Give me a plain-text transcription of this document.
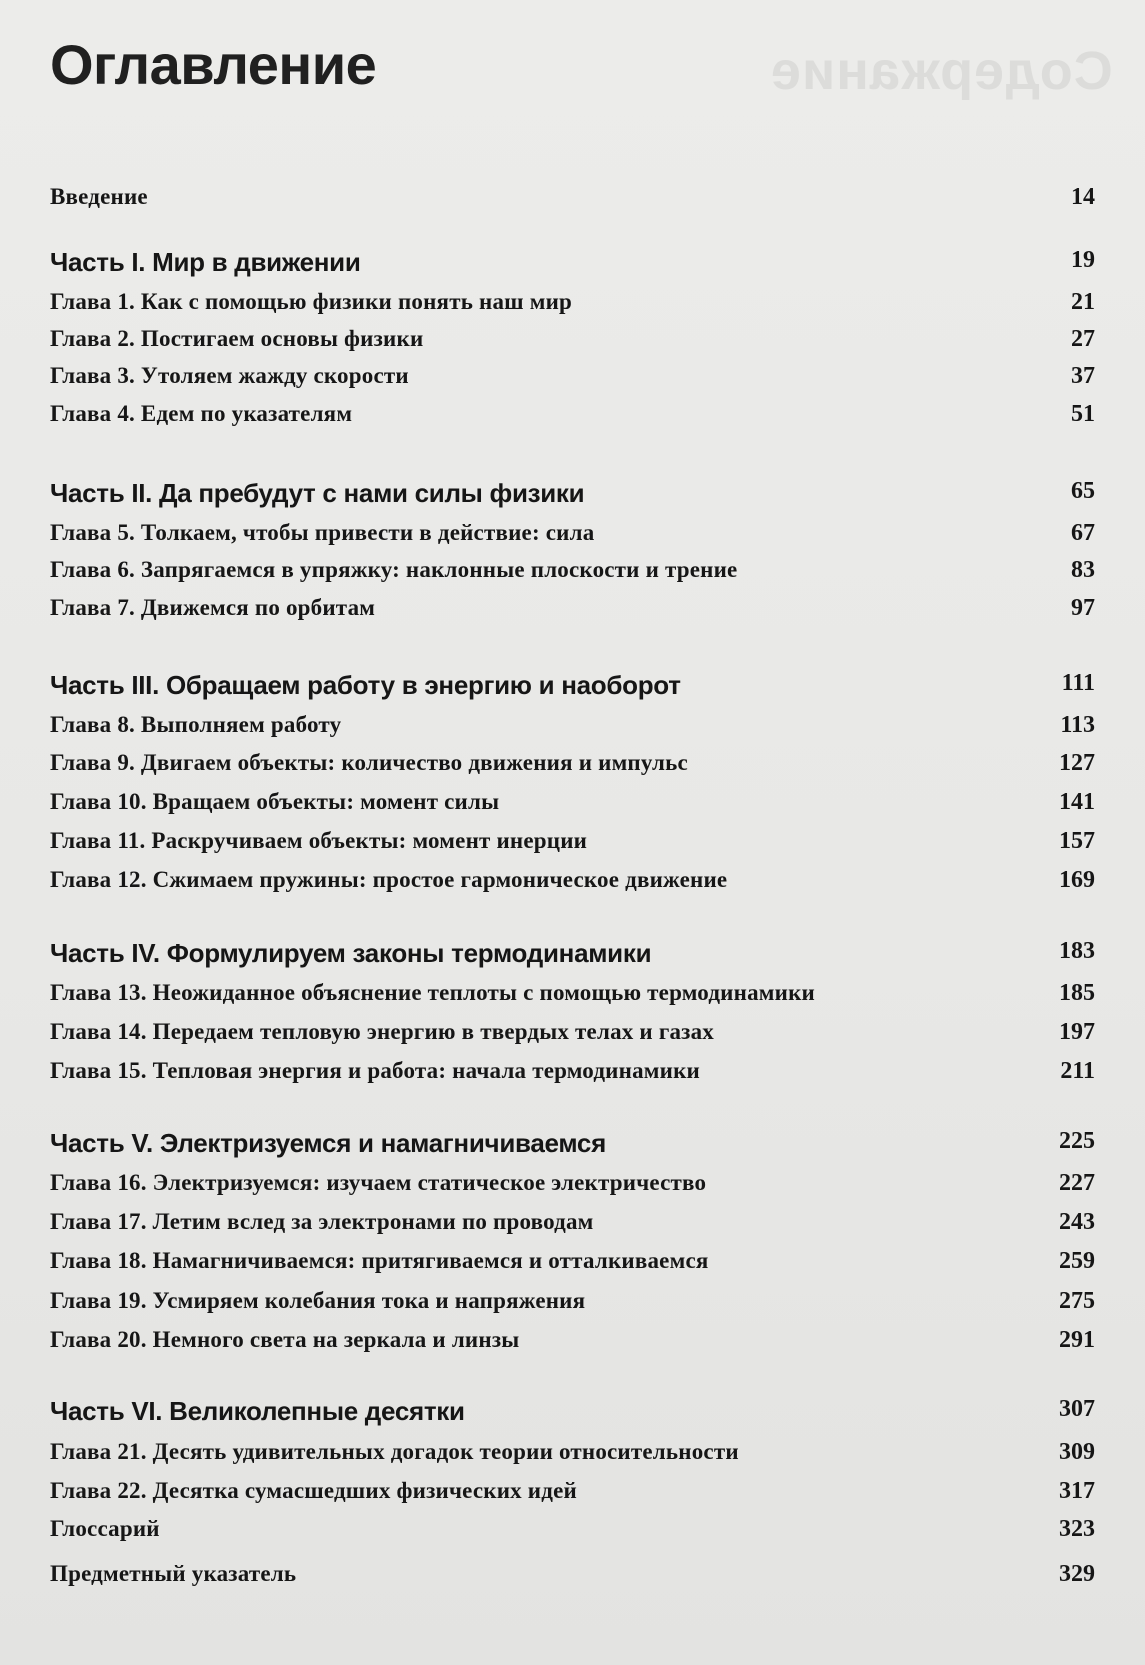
Содержание
Оглавление
Введение	14
Часть I. Мир в движении	19
Глава 1. Как с помощью физики понять наш мир	21
Глава 2. Постигаем основы физики	27
Глава 3. Утоляем жажду скорости	37
Глава 4. Едем по указателям	51
Часть II. Да пребудут с нами силы физики	65
Глава 5. Толкаем, чтобы привести в действие: сила	67
Глава 6. Запрягаемся в упряжку: наклонные плоскости и трение	83
Глава 7. Движемся по орбитам	97
Часть III. Обращаем работу в энергию и наоборот	111
Глава 8. Выполняем работу	113
Глава 9. Двигаем объекты: количество движения и импульс	127
Глава 10. Вращаем объекты: момент силы	141
Глава 11. Раскручиваем объекты: момент инерции	157
Глава 12. Сжимаем пружины: простое гармоническое движение	169
Часть IV. Формулируем законы термодинамики	183
Глава 13. Неожиданное объяснение теплоты с помощью термодинамики	185
Глава 14. Передаем тепловую энергию в твердых телах и газах	197
Глава 15. Тепловая энергия и работа: начала термодинамики	211
Часть V. Электризуемся и намагничиваемся	225
Глава 16. Электризуемся: изучаем статическое электричество	227
Глава 17. Летим вслед за электронами по проводам	243
Глава 18. Намагничиваемся: притягиваемся и отталкиваемся	259
Глава 19. Усмиряем колебания тока и напряжения	275
Глава 20. Немного света на зеркала и линзы	291
Часть VI. Великолепные десятки	307
Глава 21. Десять удивительных догадок теории относительности	309
Глава 22. Десятка сумасшедших физических идей	317
Глоссарий	323
Предметный указатель	329
